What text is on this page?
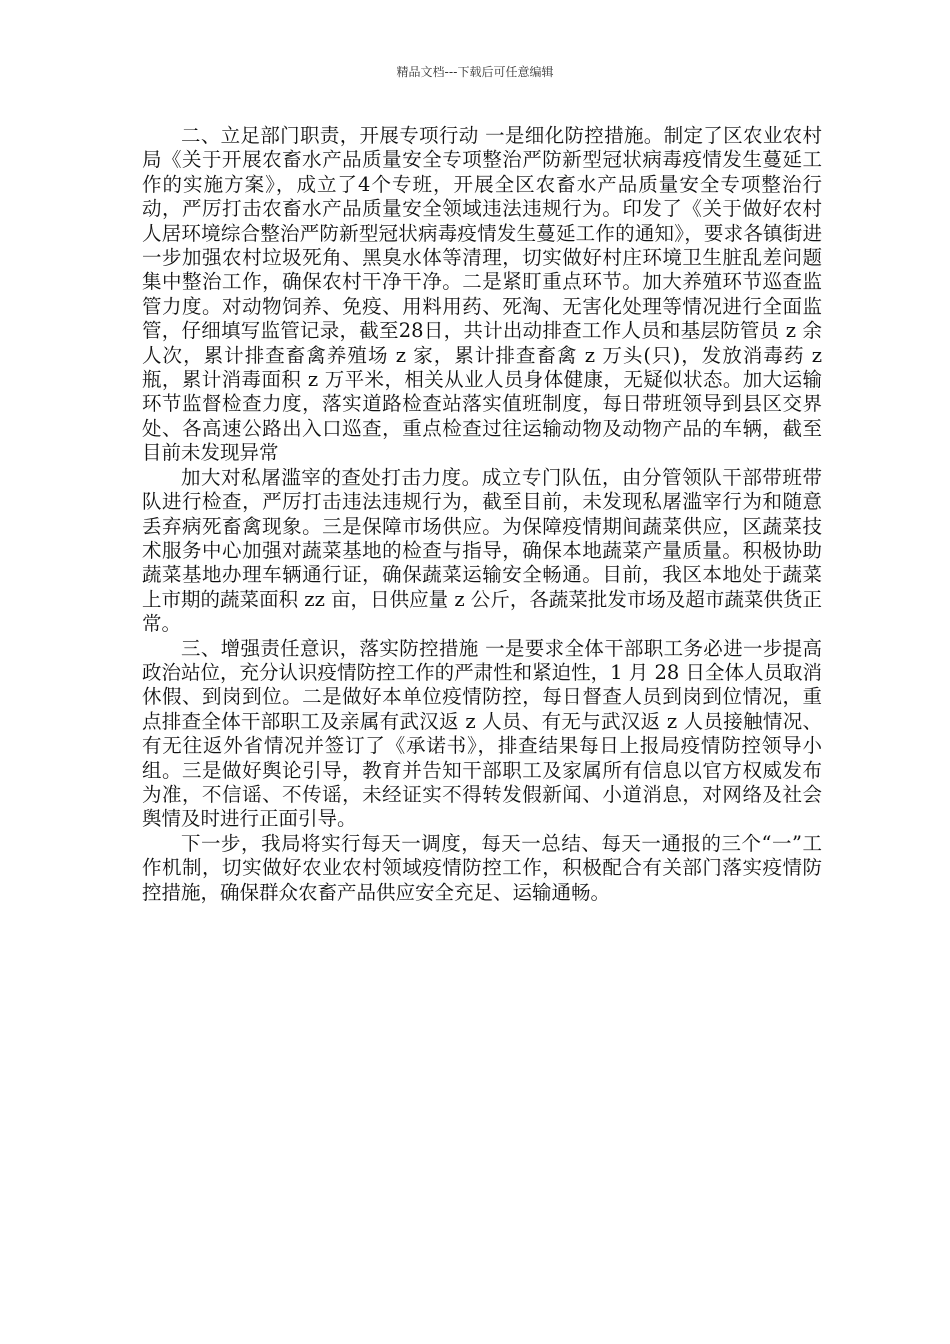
精品文档---下载后可任意编辑

二、立足部门职责，开展专项行动 一是细化防控措施。制定了区农业农村局《关于开展农畜水产品质量安全专项整治严防新型冠状病毒疫情发生蔓延工作的实施方案》，成立了4个专班，开展全区农畜水产品质量安全专项整治行动，严厉打击农畜水产品质量安全领域违法违规行为。印发了《关于做好农村人居环境综合整治严防新型冠状病毒疫情发生蔓延工作的通知》，要求各镇街进一步加强农村垃圾死角、黑臭水体等清理，切实做好村庄环境卫生脏乱差问题集中整治工作，确保农村干净干净。二是紧盯重点环节。加大养殖环节巡查监管力度。对动物饲养、免疫、用料用药、死淘、无害化处理等情况进行全面监管，仔细填写监管记录，截至28日，共计出动排查工作人员和基层防管员 z 余人次，累计排查畜禽养殖场 z 家，累计排查畜禽 z 万头(只)，发放消毒药 z 瓶，累计消毒面积 z 万平米，相关从业人员身体健康，无疑似状态。加大运输环节监督检查力度，落实道路检查站落实值班制度，每日带班领导到县区交界处、各高速公路出入口巡查，重点检查过往运输动物及动物产品的车辆，截至目前未发现异常

加大对私屠滥宰的查处打击力度。成立专门队伍，由分管领队干部带班带队进行检查，严厉打击违法违规行为，截至目前，未发现私屠滥宰行为和随意丢弃病死畜禽现象。三是保障市场供应。为保障疫情期间蔬菜供应，区蔬菜技术服务中心加强对蔬菜基地的检查与指导，确保本地蔬菜产量质量。积极协助蔬菜基地办理车辆通行证，确保蔬菜运输安全畅通。目前，我区本地处于蔬菜上市期的蔬菜面积 zz 亩，日供应量 z 公斤，各蔬菜批发市场及超市蔬菜供货正常。

三、增强责任意识，落实防控措施 一是要求全体干部职工务必进一步提高政治站位，充分认识疫情防控工作的严肃性和紧迫性，1 月 28 日全体人员取消休假、到岗到位。二是做好本单位疫情防控，每日督查人员到岗到位情况，重点排查全体干部职工及亲属有武汉返 z 人员、有无与武汉返 z 人员接触情况、有无往返外省情况并签订了《承诺书》，排查结果每日上报局疫情防控领导小组。三是做好舆论引导，教育并告知干部职工及家属所有信息以官方权威发布为准，不信谣、不传谣，未经证实不得转发假新闻、小道消息，对网络及社会舆情及时进行正面引导。

下一步，我局将实行每天一调度，每天一总结、每天一通报的三个“一”工作机制，切实做好农业农村领域疫情防控工作，积极配合有关部门落实疫情防控措施，确保群众农畜产品供应安全充足、运输通畅。
